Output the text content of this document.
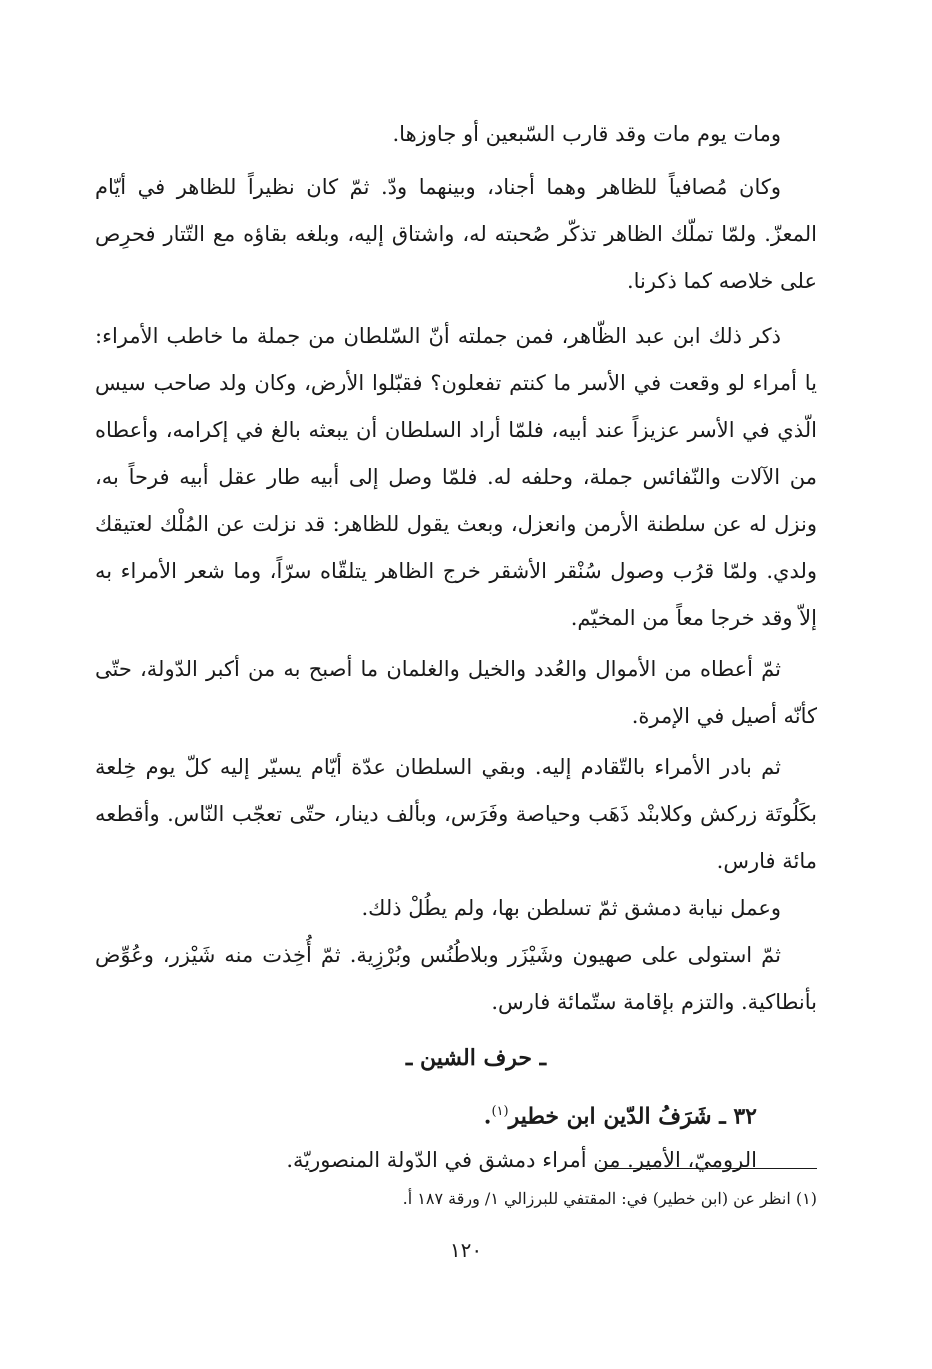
ومات يوم مات وقد قارب السّبعين أو جاوزها.

وكان مُصافياً للظاهر وهما أجناد، وبينهما ودّ. ثمّ كان نظيراً للظاهر في أيّام المعزّ. ولمّا تملّك الظاهر تذكّر صُحبته له، واشتاق إليه، وبلغه بقاؤه مع التّتار فحرِص على خلاصه كما ذكرنا.

ذكر ذلك ابن عبد الظّاهر، فمن جملته أنّ السّلطان من جملة ما خاطب الأمراء: يا أمراء لو وقعت في الأسر ما كنتم تفعلون؟ فقبّلوا الأرض، وكان ولد صاحب سيس الّذي في الأسر عزيزاً عند أبيه، فلمّا أراد السلطان أن يبعثه بالغ في إكرامه، وأعطاه من الآلات والنّفائس جملة، وحلفه له. فلمّا وصل إلى أبيه طار عقل أبيه فرحاً به، ونزل له عن سلطنة الأرمن وانعزل، وبعث يقول للظاهر: قد نزلت عن المُلْك لعتيقك ولدي. ولمّا قرُب وصول سُنْقر الأشقر خرج الظاهر يتلقّاه سرّاً، وما شعر الأمراء به إلاّ وقد خرجا معاً من المخيّم.

ثمّ أعطاه من الأموال والعُدد والخيل والغلمان ما أصبح به من أكبر الدّولة، حتّى كأنّه أصيل في الإمرة.

ثم بادر الأمراء بالتّقادم إليه. وبقي السلطان عدّة أيّام يسيّر إليه كلّ يوم خِلعة بكَلُوتَة زركش وكلابنْد ذَهَب وحياصة وفَرَس، وبألف دينار، حتّى تعجّب النّاس. وأقطعه مائة فارس.

وعمل نيابة دمشق ثمّ تسلطن بها، ولم يطُلْ ذلك.

ثمّ استولى على صهيون وشَيْزَر وبلاطُنُس وبُرْزِية. ثمّ أُخِذت منه شَيْزر، وعُوِّض بأنطاكية. والتزم بإقامة ستّمائة فارس.

ـ حرف الشين ـ

٣٢ ـ شَرَفُ الدّين ابن خطير$^{(١)}$.

الروميّ، الأمير. من أمراء دمشق في الدّولة المنصوريّة.

(١) انظر عن (ابن خطير) في: المقتفي للبرزالي ١/ ورقة ١٨٧ أ.

١٢٠
